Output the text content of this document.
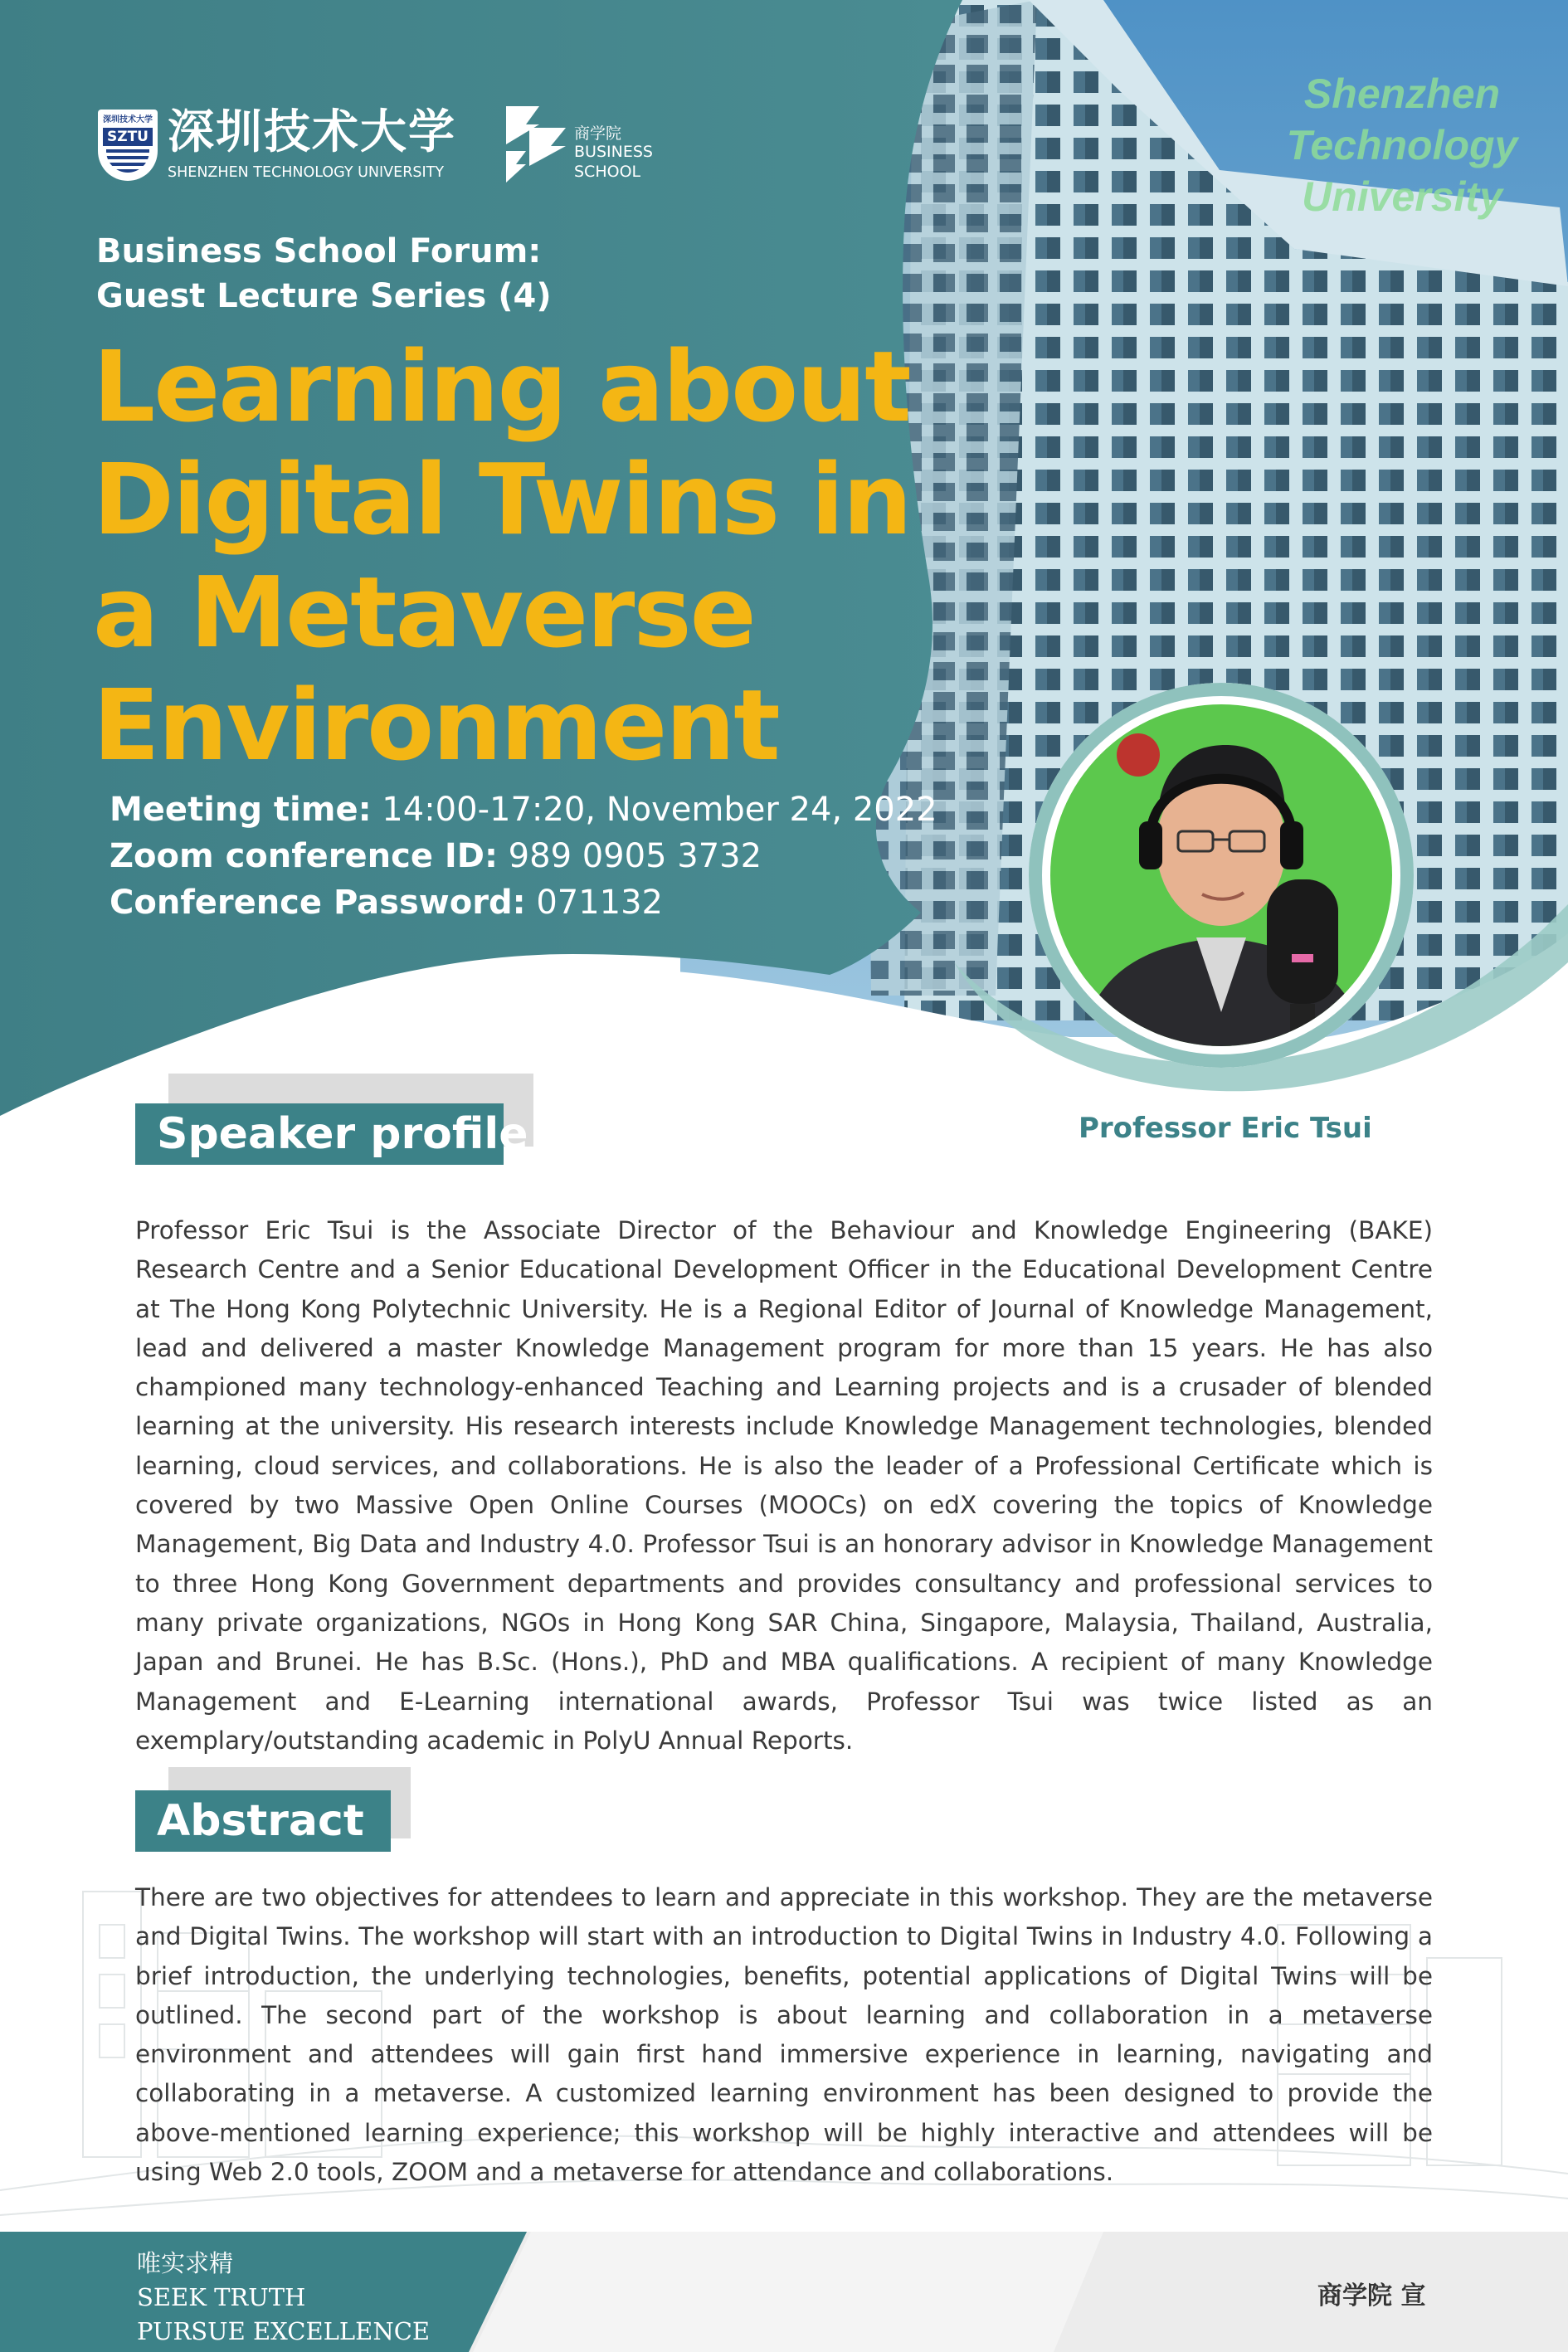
深圳技术大学
SZTU 深圳技术大学
SHENZHEN TECHNOLOGY UNIVERSITY
商学院
BUSINESS
SCHOOL
Shenzhen
Technology
University
Business School Forum:
Guest Lecture Series (4)
Learning about
Digital Twins in
a Metaverse
Environment
Meeting time: 14:00-17:20, November 24, 2022
Zoom conference ID: 989 0905 3732
Conference Password: 071132
Professor Eric Tsui
Speaker profile
Professor Eric Tsui is the Associate Director of the Behaviour and Knowledge Engineering (BAKE) Research Centre and a Senior Educational Development Officer in the Educational Development Centre at The Hong Kong Polytechnic University. He is a Regional Editor of Journal of Knowledge Management, lead and delivered a master Knowledge Management program for more than 15 years. He has also championed many technology-enhanced Teaching and Learning projects and is a crusader of blended learning at the university. His research interests include Knowledge Management technologies, blended learning, cloud services, and collaborations. He is also the leader of a Professional Certificate which is covered by two Massive Open Online Courses (MOOCs) on edX covering the topics of Knowledge Management, Big Data and Industry 4.0. Professor Tsui is an honorary advisor in Knowledge Management to three Hong Kong Government departments and provides consultancy and professional services to many private organizations, NGOs in Hong Kong SAR China, Singapore, Malaysia, Thailand, Australia, Japan and Brunei. He has B.Sc. (Hons.), PhD and MBA qualifications. A recipient of many Knowledge Management and E-Learning international awards, Professor Tsui was twice listed as an exemplary/outstanding academic in PolyU Annual Reports.
Abstract
There are two objectives for attendees to learn and appreciate in this workshop. They are the metaverse and Digital Twins. The workshop will start with an introduction to Digital Twins in Industry 4.0. Following a brief introduction, the underlying technologies, benefits, potential applications of Digital Twins will be outlined. The second part of the workshop is about learning and collaboration in a metaverse environment and attendees will gain first hand immersive experience in learning, navigating and collaborating in a metaverse. A customized learning environment has been designed to provide the above-mentioned learning experience; this workshop will be highly interactive and attendees will be using Web 2.0 tools, ZOOM and a metaverse for attendance and collaborations.
唯实求精
SEEK TRUTH
PURSUE EXCELLENCE
商学院 宣
